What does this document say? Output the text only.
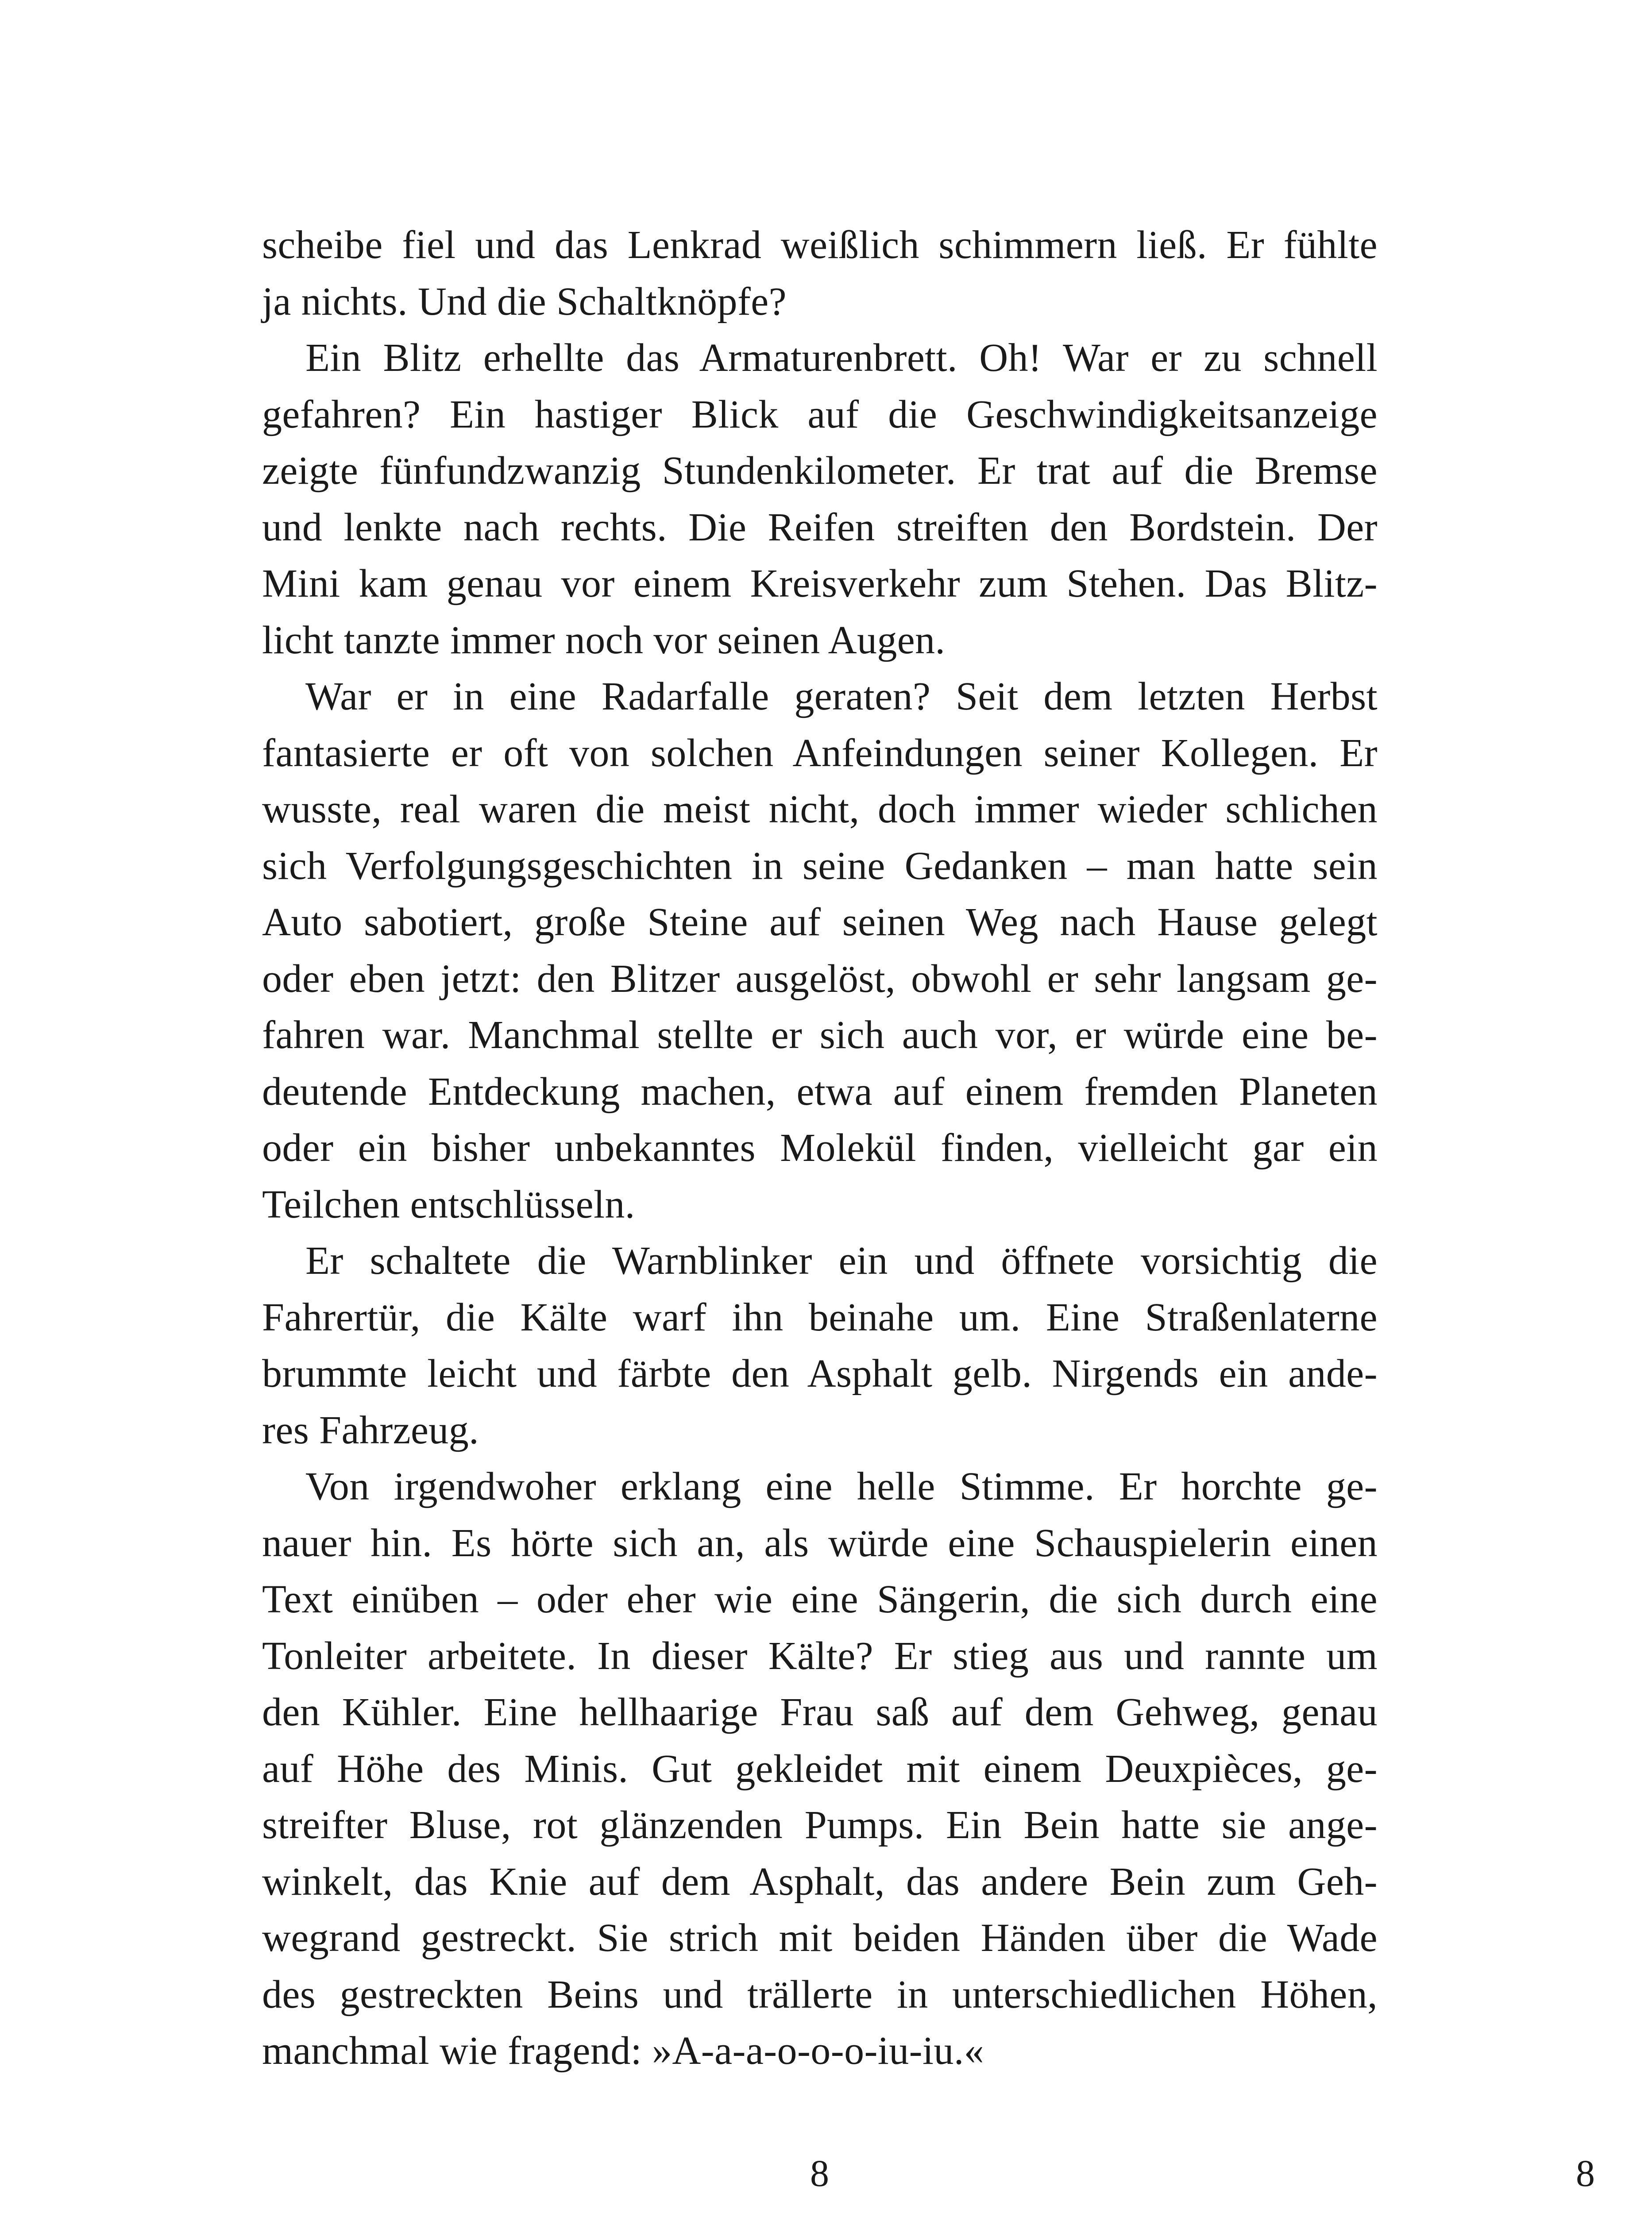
scheibe fiel und das Lenkrad weißlich schimmern ließ. Er fühlte
ja nichts. Und die Schaltknöpfe?
Ein Blitz erhellte das Armaturenbrett. Oh! War er zu schnell
gefahren? Ein hastiger Blick auf die Geschwindigkeitsanzeige
zeigte fünfundzwanzig Stundenkilometer. Er trat auf die Bremse
und lenkte nach rechts. Die Reifen streiften den Bordstein. Der
Mini kam genau vor einem Kreisverkehr zum Stehen. Das Blitz-
licht tanzte immer noch vor seinen Augen.
War er in eine Radarfalle geraten? Seit dem letzten Herbst
fantasierte er oft von solchen Anfeindungen seiner Kollegen. Er
wusste, real waren die meist nicht, doch immer wieder schlichen
sich Verfolgungsgeschichten in seine Gedanken – man hatte sein
Auto sabotiert, große Steine auf seinen Weg nach Hause gelegt
oder eben jetzt: den Blitzer ausgelöst, obwohl er sehr langsam ge-
fahren war. Manchmal stellte er sich auch vor, er würde eine be-
deutende Entdeckung machen, etwa auf einem fremden Planeten
oder ein bisher unbekanntes Molekül finden, vielleicht gar ein
Teilchen entschlüsseln.
Er schaltete die Warnblinker ein und öffnete vorsichtig die
Fahrertür, die Kälte warf ihn beinahe um. Eine Straßenlaterne
brummte leicht und färbte den Asphalt gelb. Nirgends ein ande-
res Fahrzeug.
Von irgendwoher erklang eine helle Stimme. Er horchte ge-
nauer hin. Es hörte sich an, als würde eine Schauspielerin einen
Text einüben – oder eher wie eine Sängerin, die sich durch eine
Tonleiter arbeitete. In dieser Kälte? Er stieg aus und rannte um
den Kühler. Eine hellhaarige Frau saß auf dem Gehweg, genau
auf Höhe des Minis. Gut gekleidet mit einem Deuxpièces, ge-
streifter Bluse, rot glänzenden Pumps. Ein Bein hatte sie ange-
winkelt, das Knie auf dem Asphalt, das andere Bein zum Geh-
wegrand gestreckt. Sie strich mit beiden Händen über die Wade
des gestreckten Beins und trällerte in unterschiedlichen Höhen,
manchmal wie fragend: »A-a-a-o-o-o-iu-iu.«
8	8
